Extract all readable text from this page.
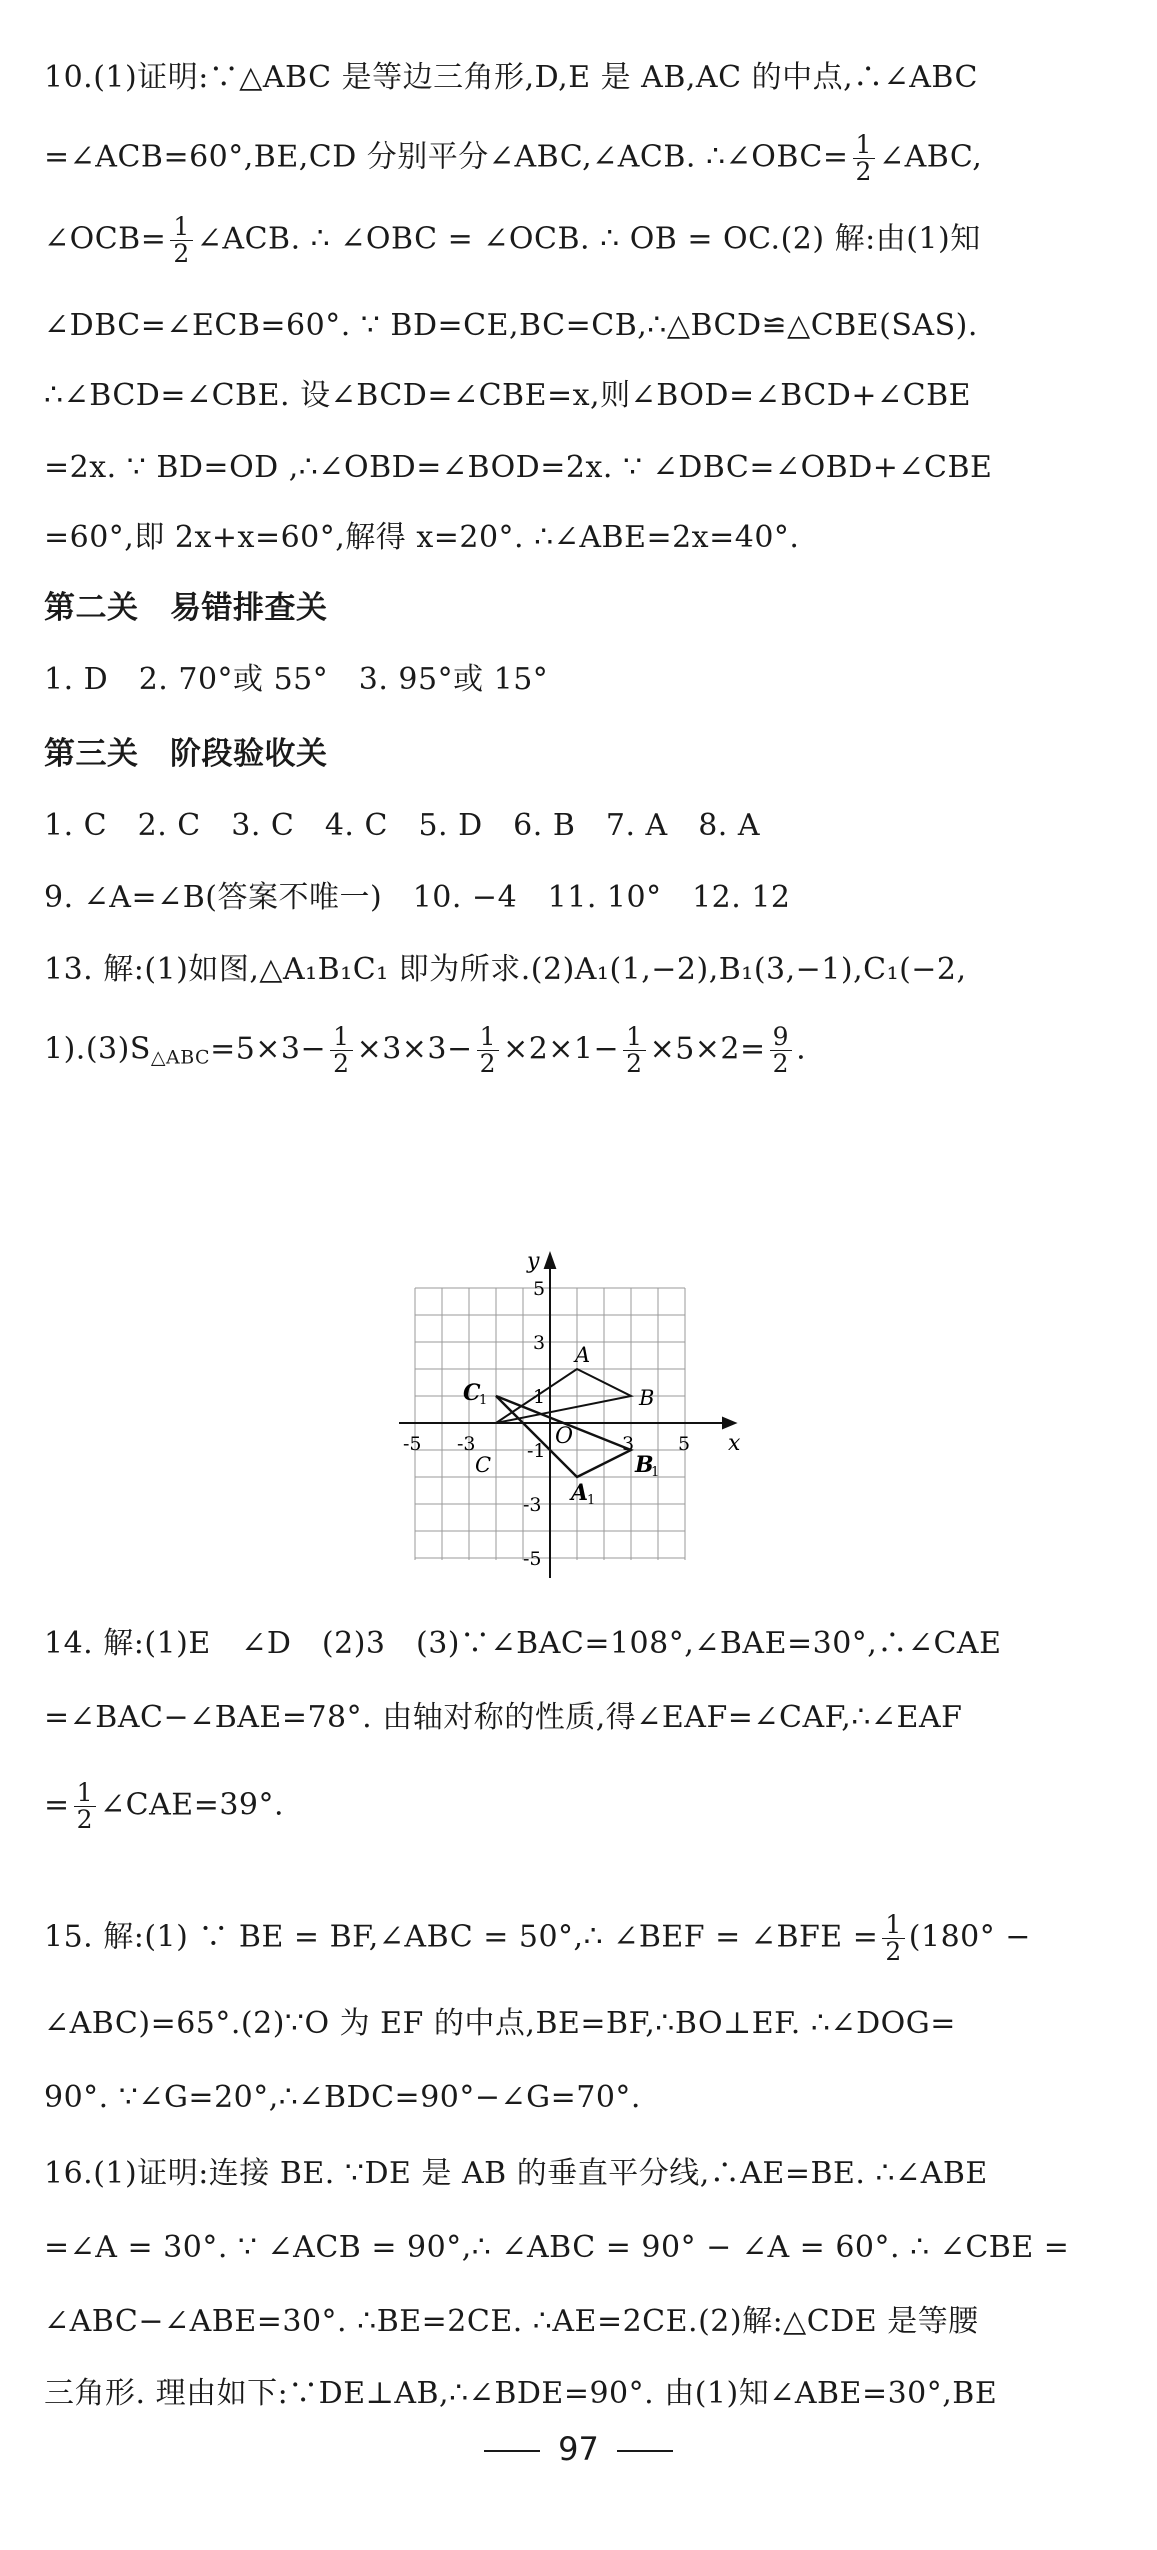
10.(1)证明:∵△ABC 是等边三角形,D,E 是 AB,AC 的中点,∴∠ABC
=∠ACB=60°,BE,CD 分别平分∠ABC,∠ACB. ∴∠OBC= $\frac{1}{2}$ ∠ABC,
∠OCB= $\frac{1}{2}$ ∠ACB. ∴ ∠OBC = ∠OCB. ∴ OB = OC.(2) 解:由(1)知
∠DBC=∠ECB=60°. ∵ BD=CE,BC=CB,∴△BCD≌△CBE(SAS).
∴∠BCD=∠CBE. 设∠BCD=∠CBE=x,则∠BOD=∠BCD+∠CBE
=2x. ∵ BD=OD ,∴∠OBD=∠BOD=2x. ∵ ∠DBC=∠OBD+∠CBE
=60°,即 2x+x=60°,解得 x=20°. ∴∠ABE=2x=40°.
第二关　易错排查关
1. D　2. 70°或 55°　3. 95°或 15°
第三关　阶段验收关
1. C　2. C　3. C　4. C　5. D　6. B　7. A　8. A
9. ∠A=∠B(答案不唯一)　10. −4　11. 10°　12. 12
13. 解:(1)如图,△A₁B₁C₁ 即为所求.(2)A₁(1,−2),B₁(3,−1),C₁(−2,
$1).(3)S_{\triangle ABC}=5\times 3- \frac{1}{2} \times 3\times 3- \frac{1}{2} \times 2\times 1- \frac{1}{2} \times 5\times 2= \frac{9}{2}$ .
x
y
O
-5 -3	3 5
5
3
1
-1
-3
-5
A
B
C
A
1
B
1
C
1
14. 解:(1)E　∠D　(2)3　(3)∵∠BAC=108°,∠BAE=30°,∴∠CAE
=∠BAC−∠BAE=78°. 由轴对称的性质,得∠EAF=∠CAF,∴∠EAF
= $\frac{1}{2}$ ∠CAE=39°.
15. 解:(1) ∵ BE = BF,∠ABC = 50°,∴ ∠BEF = ∠BFE = $\frac{1}{2} (180^\circ$ −
∠ABC)=65°.(2)∵O 为 EF 的中点,BE=BF,∴BO⊥EF. ∴∠DOG=
90°. ∵∠G=20°,∴∠BDC=90°−∠G=70°.
16.(1)证明:连接 BE. ∵DE 是 AB 的垂直平分线,∴AE=BE. ∴∠ABE
=∠A = 30°. ∵ ∠ACB = 90°,∴ ∠ABC = 90° − ∠A = 60°. ∴ ∠CBE =
∠ABC−∠ABE=30°. ∴BE=2CE. ∴AE=2CE.(2)解:△CDE 是等腰
三角形. 理由如下:∵DE⊥AB,∴∠BDE=90°. 由(1)知∠ABE=30°,BE
97
